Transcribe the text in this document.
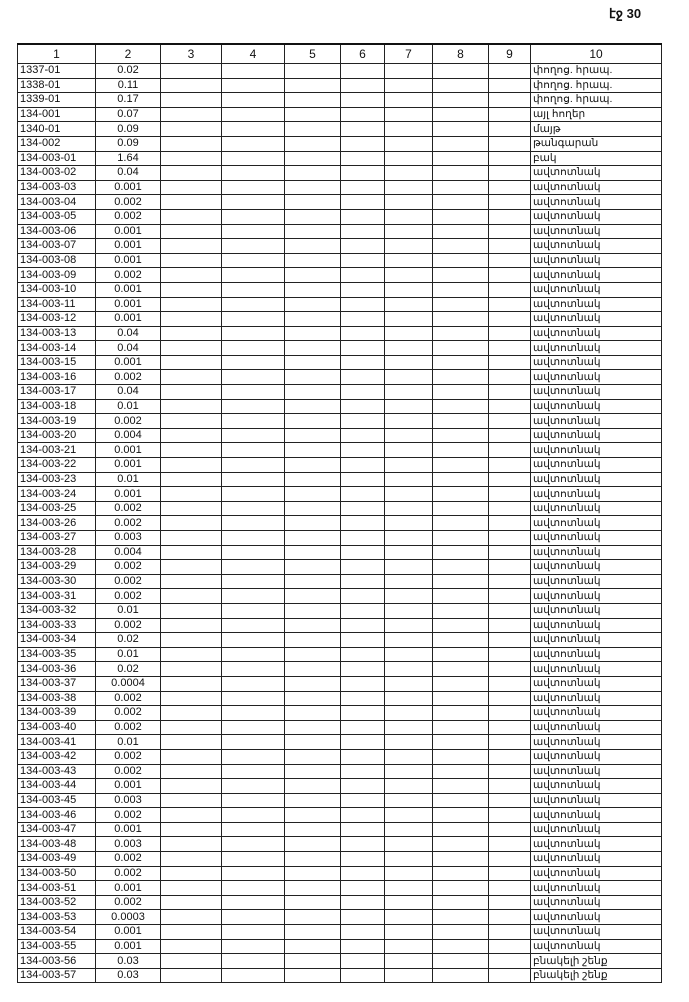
էջ 30
1	2	3	4	5	6	7	8	9	10
1337-01	0.02								փողոց. հրապ.
1338-01	0.11								փողոց. հրապ.
1339-01	0.17								փողոց. հրապ.
134-001	0.07								այլ հողեր
1340-01	0.09								մայթ
134-002	0.09								թանգարան
134-003-01	1.64								բակ
134-003-02	0.04								ավտոտնակ
134-003-03	0.001								ավտոտնակ
134-003-04	0.002								ավտոտնակ
134-003-05	0.002								ավտոտնակ
134-003-06	0.001								ավտոտնակ
134-003-07	0.001								ավտոտնակ
134-003-08	0.001								ավտոտնակ
134-003-09	0.002								ավտոտնակ
134-003-10	0.001								ավտոտնակ
134-003-11	0.001								ավտոտնակ
134-003-12	0.001								ավտոտնակ
134-003-13	0.04								ավտոտնակ
134-003-14	0.04								ավտոտնակ
134-003-15	0.001								ավտոտնակ
134-003-16	0.002								ավտոտնակ
134-003-17	0.04								ավտոտնակ
134-003-18	0.01								ավտոտնակ
134-003-19	0.002								ավտոտնակ
134-003-20	0.004								ավտոտնակ
134-003-21	0.001								ավտոտնակ
134-003-22	0.001								ավտոտնակ
134-003-23	0.01								ավտոտնակ
134-003-24	0.001								ավտոտնակ
134-003-25	0.002								ավտոտնակ
134-003-26	0.002								ավտոտնակ
134-003-27	0.003								ավտոտնակ
134-003-28	0.004								ավտոտնակ
134-003-29	0.002								ավտոտնակ
134-003-30	0.002								ավտոտնակ
134-003-31	0.002								ավտոտնակ
134-003-32	0.01								ավտոտնակ
134-003-33	0.002								ավտոտնակ
134-003-34	0.02								ավտոտնակ
134-003-35	0.01								ավտոտնակ
134-003-36	0.02								ավտոտնակ
134-003-37	0.0004								ավտոտնակ
134-003-38	0.002								ավտոտնակ
134-003-39	0.002								ավտոտնակ
134-003-40	0.002								ավտոտնակ
134-003-41	0.01								ավտոտնակ
134-003-42	0.002								ավտոտնակ
134-003-43	0.002								ավտոտնակ
134-003-44	0.001								ավտոտնակ
134-003-45	0.003								ավտոտնակ
134-003-46	0.002								ավտոտնակ
134-003-47	0.001								ավտոտնակ
134-003-48	0.003								ավտոտնակ
134-003-49	0.002								ավտոտնակ
134-003-50	0.002								ավտոտնակ
134-003-51	0.001								ավտոտնակ
134-003-52	0.002								ավտոտնակ
134-003-53	0.0003								ավտոտնակ
134-003-54	0.001								ավտոտնակ
134-003-55	0.001								ավտոտնակ
134-003-56	0.03								բնակելի շենք
134-003-57	0.03								բնակելի շենք
